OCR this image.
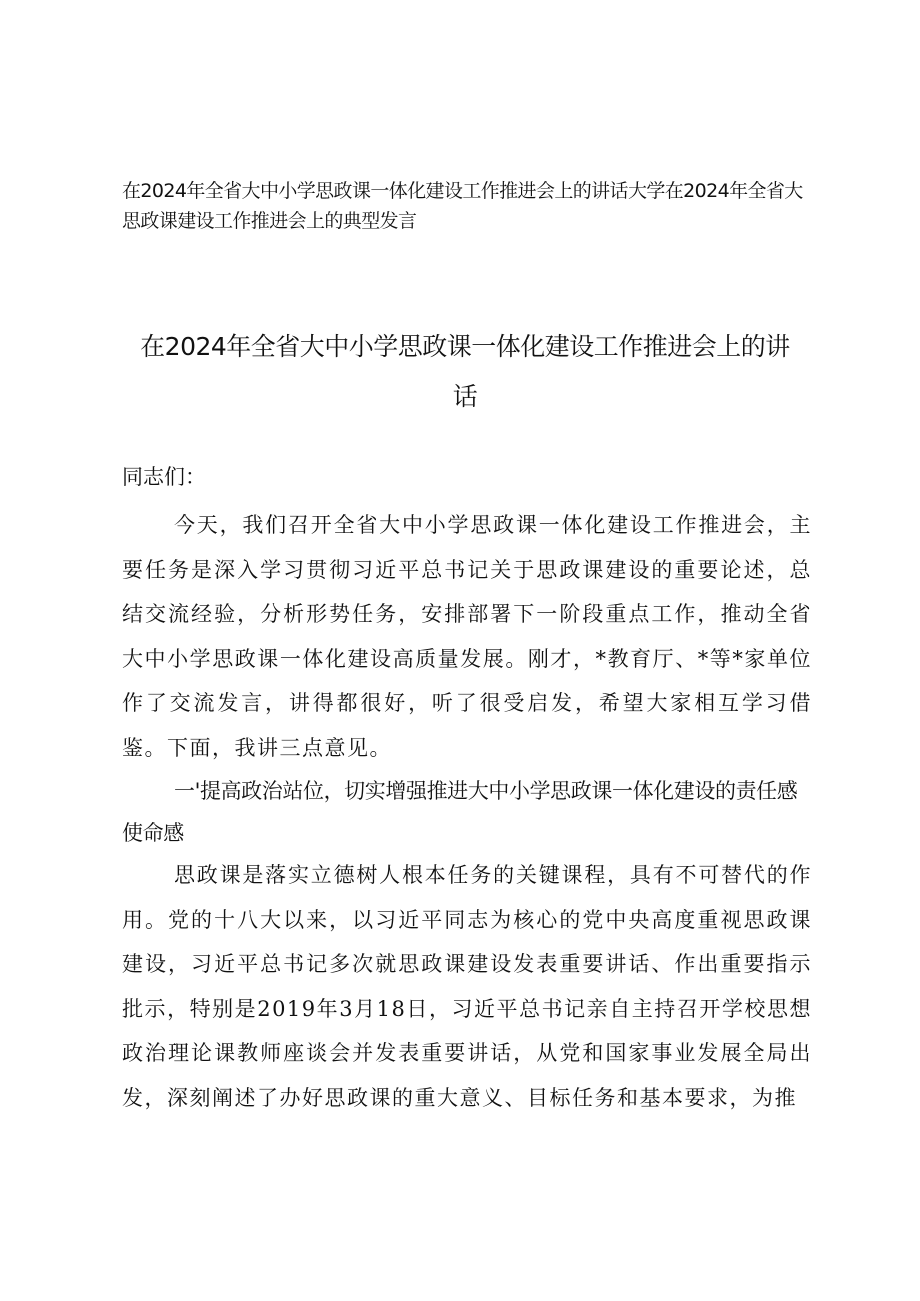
在2024年全省大中小学思政课一体化建设工作推进会上的讲话大学在2024年全省大思政课建设工作推进会上的典型发言
在2024年全省大中小学思政课一体化建设工作推进会上的讲话
同志们：
今天，我们召开全省大中小学思政课一体化建设工作推进会，主要任务是深入学习贯彻习近平总书记关于思政课建设的重要论述，总结交流经验，分析形势任务，安排部署下一阶段重点工作，推动全省大中小学思政课一体化建设高质量发展。刚才，*教育厅、*等*家单位作了交流发言，讲得都很好，听了很受启发，希望大家相互学习借鉴。下面，我讲三点意见。
一'提高政治站位，切实增强推进大中小学思政课一体化建设的责任感使命感
思政课是落实立德树人根本任务的关键课程，具有不可替代的作用。党的十八大以来，以习近平同志为核心的党中央高度重视思政课建设，习近平总书记多次就思政课建设发表重要讲话、作出重要指示批示，特别是2019年3月18日，习近平总书记亲自主持召开学校思想政治理论课教师座谈会并发表重要讲话，从党和国家事业发展全局出发，深刻阐述了办好思政课的重大意义、目标任务和基本要求，为推
